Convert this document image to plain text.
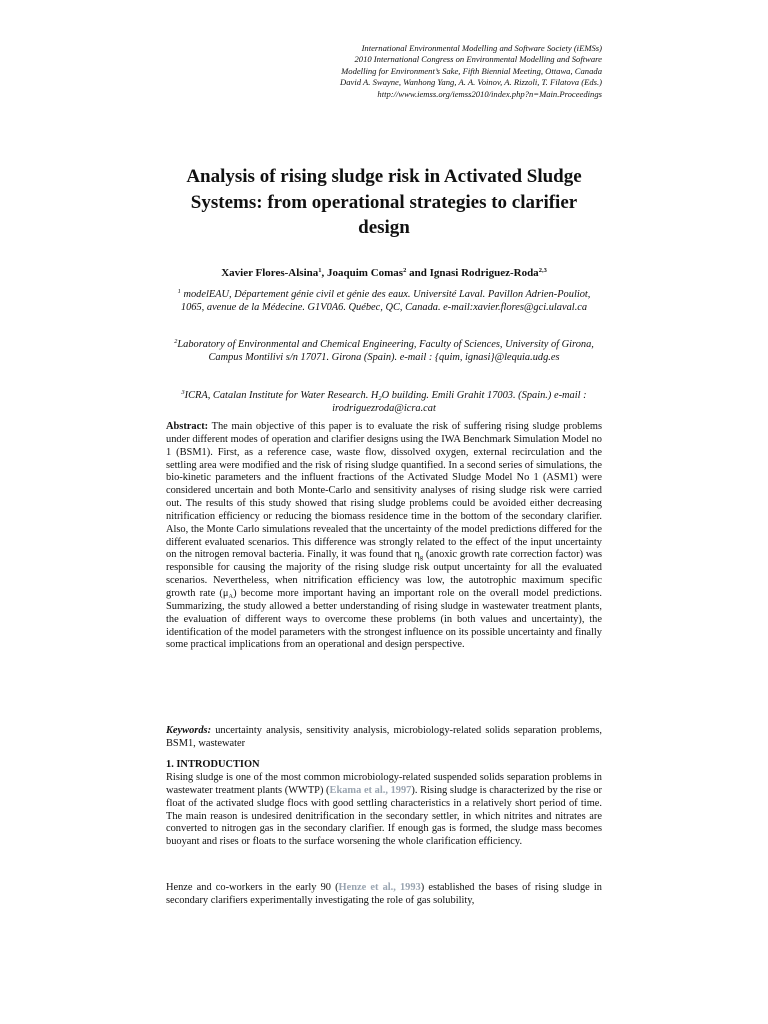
International Environmental Modelling and Software Society (iEMSs)
2010 International Congress on Environmental Modelling and Software
Modelling for Environment’s Sake, Fifth Biennial Meeting, Ottawa, Canada
David A. Swayne, Wanhong Yang, A. A. Voinov, A. Rizzoli, T. Filatova (Eds.)
http://www.iemss.org/iemss2010/index.php?n=Main.Proceedings
Analysis of rising sludge risk in Activated Sludge Systems: from operational strategies to clarifier design
Xavier Flores-Alsina$^1$, Joaquim Comas$^2$ and Ignasi Rodriguez-Roda$^{2,3}$
$^1$ modelEAU, Département génie civil et génie des eaux. Université Laval. Pavillon Adrien-Pouliot, 1065, avenue de la Médecine. G1V0A6. Québec, QC, Canada. e-mail:xavier.flores@gci.ulaval.ca
$^2$Laboratory of Environmental and Chemical Engineering, Faculty of Sciences, University of Girona, Campus Montilivi s/n 17071. Girona (Spain). e-mail : {quim, ignasi}@lequia.udg.es
$^3$ICRA, Catalan Institute for Water Research. $H_2O$ building. Emili Grahit 17003. (Spain.) e-mail : irodriguezroda@icra.cat
Abstract: The main objective of this paper is to evaluate the risk of suffering rising sludge problems under different modes of operation and clarifier designs using the IWA Benchmark Simulation Model no 1 (BSM1). First, as a reference case, waste flow, dissolved oxygen, external recirculation and the settling area were modified and the risk of rising sludge quantified. In a second series of simulations, the bio-kinetic parameters and the influent fractions of the Activated Sludge Model No 1 (ASM1) were considered uncertain and both Monte-Carlo and sensitivity analyses of rising sludge risk were carried out. The results of this study showed that rising sludge problems could be avoided either decreasing nitrification efficiency or reducing the biomass residence time in the bottom of the secondary clarifier. Also, the Monte Carlo simulations revealed that the uncertainty of the model predictions differed for the different evaluated scenarios. This difference was strongly related to the effect of the input uncertainty on the nitrogen removal bacteria. Finally, it was found that $\eta_g$ (anoxic growth rate correction factor) was responsible for causing the majority of the rising sludge risk output uncertainty for all the evaluated scenarios. Nevertheless, when nitrification efficiency was low, the autotrophic maximum specific growth rate $(\mu_A)$ become more important having an important role on the overall model predictions. Summarizing, the study allowed a better understanding of rising sludge in wastewater treatment plants, the evaluation of different ways to overcome these problems (in both values and uncertainty), the identification of the model parameters with the strongest influence on its possible uncertainty and finally some practical implications from an operational and design perspective.
Keywords: uncertainty analysis, sensitivity analysis, microbiology-related solids separation problems, BSM1, wastewater
1. INTRODUCTION
Rising sludge is one of the most common microbiology-related suspended solids separation problems in wastewater treatment plants (WWTP) (Ekama et al., 1997). Rising sludge is characterized by the rise or float of the activated sludge flocs with good settling characteristics in a relatively short period of time. The main reason is undesired denitrification in the secondary settler, in which nitrites and nitrates are converted to nitrogen gas in the secondary clarifier. If enough gas is formed, the sludge mass becomes buoyant and rises or floats to the surface worsening the whole clarification efficiency.
Henze and co-workers in the early 90 (Henze et al., 1993) established the bases of rising sludge in secondary clarifiers experimentally investigating the role of gas solubility,
